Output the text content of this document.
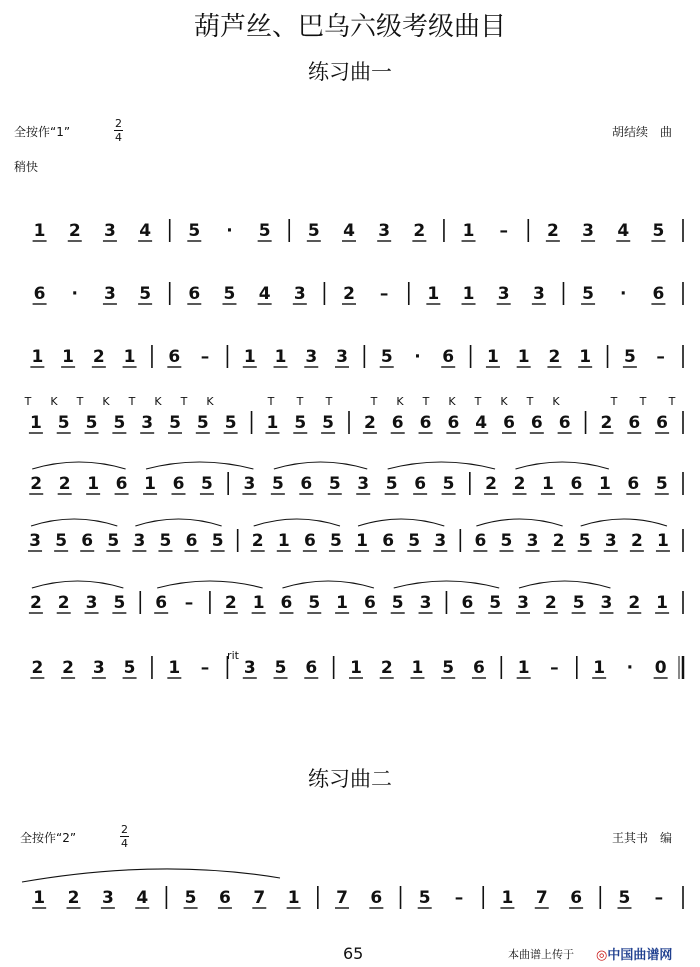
葫芦丝、巴乌六级考级曲目
练习曲一
全按作“1”
2
4	胡结续　曲
稍快
练习曲二
全按作“2”
2
4	王其书　编
1 2 3 4 5 · 5 5 4 3 2 1 – 2 3 4 5
6 · 3 5 6 5 4 3 2 – 1 1 3 3 5 · 6
1 1 2 1 6 – 1 1 3 3 5 · 6 1 1 2 1 5 –
1 5 5 5 3 5 5 5 1 5 5 2 6 6 6 4 6 6 6 2 6 6
2 2 1 6 1 6 5 3 5 6 5 3 5 6 5 2 2 1 6 1 6 5
3 5 6 5 3 5 6 5 2 1 6 5 1 6 5 3 6 5 3 2 5 3 2 1
2 2 3 5 6 – 2 1 6 5 1 6 5 3 6 5 3 2 5 3 2 1
2 2 3 5 1 – 3 5 6 1 2 1 5 6 1 – 1 · 0
T K T K T K T K	T T T	T K T K T K T K	T T T
rit
1 2 3 4 5 6 7 1 7 6 5 – 1 7 6 5 –
65	本曲谱上传于 ◎中国曲谱网
